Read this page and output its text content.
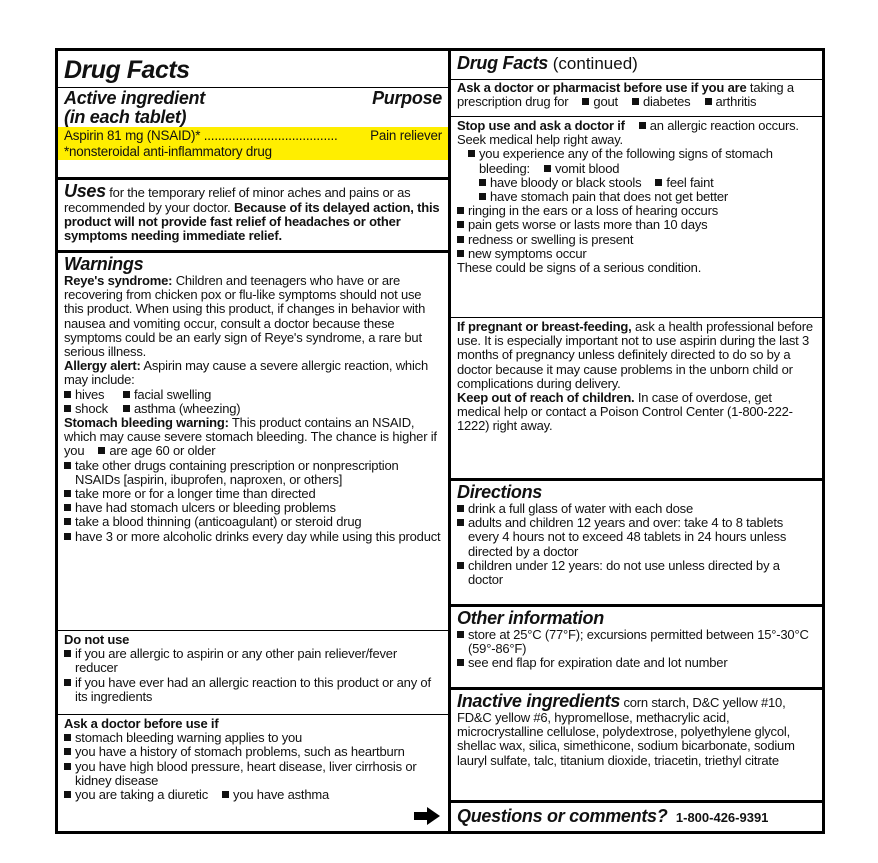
Drug Facts
Active ingredient	Purpose
(in each tablet)
Aspirin 81 mg (NSAID)* ...................................... Pain reliever
*nonsteroidal anti-inflammatory drug
Uses for the temporary relief of minor aches and pains or as recommended by your doctor. Because of its delayed action, this product will not provide fast relief of headaches or other symptoms needing immediate relief.
Warnings
Reye's syndrome: Children and teenagers who have or are recovering from chicken pox or flu-like symptoms should not use this product. When using this product, if changes in behavior with nausea and vomiting occur, consult a doctor because these symptoms could be an early sign of Reye's syndrome, a rare but serious illness.
Allergy alert: Aspirin may cause a severe allergic reaction, which may include:
hives facial swelling
shock asthma (wheezing)
Stomach bleeding warning: This product contains an NSAID, which may cause severe stomach bleeding. The chance is higher if you are age 60 or older
take other drugs containing prescription or nonprescription NSAIDs [aspirin, ibuprofen, naproxen, or others]
take more or for a longer time than directed
have had stomach ulcers or bleeding problems
take a blood thinning (anticoagulant) or steroid drug
have 3 or more alcoholic drinks every day while using this product
Do not use
if you are allergic to aspirin or any other pain reliever/fever reducer
if you have ever had an allergic reaction to this product or any of its ingredients
Ask a doctor before use if
stomach bleeding warning applies to you
you have a history of stomach problems, such as heartburn
you have high blood pressure, heart disease, liver cirrhosis or kidney disease
you are taking a diuretic you have asthma
Drug Facts (continued)
Ask a doctor or pharmacist before use if you are taking a prescription drug for gout diabetes arthritis
Stop use and ask a doctor if an allergic reaction occurs. Seek medical help right away.
you experience any of the following signs of stomach bleeding: vomit blood
have bloody or black stools feel faint
have stomach pain that does not get better
ringing in the ears or a loss of hearing occurs
pain gets worse or lasts more than 10 days
redness or swelling is present
new symptoms occur
These could be signs of a serious condition.
If pregnant or breast-feeding, ask a health professional before use. It is especially important not to use aspirin during the last 3 months of pregnancy unless definitely directed to do so by a doctor because it may cause problems in the unborn child or complications during delivery.
Keep out of reach of children. In case of overdose, get medical help or contact a Poison Control Center (1-800-222-1222) right away.
Directions
drink a full glass of water with each dose
adults and children 12 years and over: take 4 to 8 tablets every 4 hours not to exceed 48 tablets in 24 hours unless directed by a doctor
children under 12 years: do not use unless directed by a doctor
Other information
store at 25°C (77°F); excursions permitted between 15°-30°C (59°-86°F)
see end flap for expiration date and lot number
Inactive ingredients corn starch, D&C yellow #10, FD&C yellow #6, hypromellose, methacrylic acid, microcrystalline cellulose, polydextrose, polyethylene glycol, shellac wax, silica, simethicone, sodium bicarbonate, sodium lauryl sulfate, talc, titanium dioxide, triacetin, triethyl citrate
Questions or comments? 1-800-426-9391
